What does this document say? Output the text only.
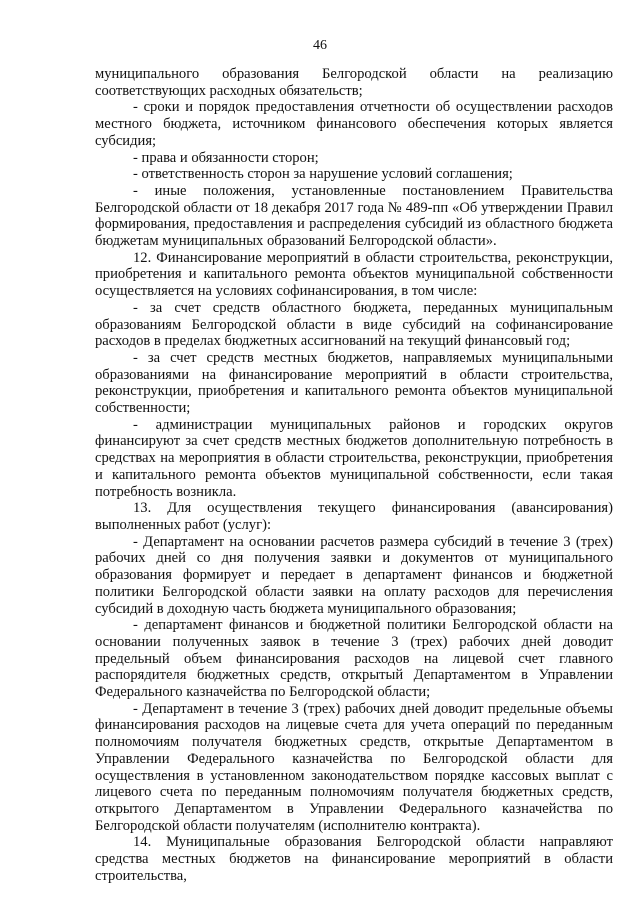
46

муниципального образования Белгородской области на реализацию соответствующих расходных обязательств;

- сроки и порядок предоставления отчетности об осуществлении расходов местного бюджета, источником финансового обеспечения которых является субсидия;

- права и обязанности сторон;

- ответственность сторон за нарушение условий соглашения;

- иные положения, установленные постановлением Правительства Белгородской области от 18 декабря 2017 года № 489-пп «Об утверждении Правил формирования, предоставления и распределения субсидий из областного бюджета бюджетам муниципальных образований Белгородской области».

12. Финансирование мероприятий в области строительства, реконструкции, приобретения и капитального ремонта объектов муниципальной собственности осуществляется на условиях софинансирования, в том числе:

- за счет средств областного бюджета, переданных муниципальным образованиям Белгородской области в виде субсидий на софинансирование расходов в пределах бюджетных ассигнований на текущий финансовый год;

- за счет средств местных бюджетов, направляемых муниципальными образованиями на финансирование мероприятий в области строительства, реконструкции, приобретения и капитального ремонта объектов муниципальной собственности;

- администрации муниципальных районов и городских округов финансируют за счет средств местных бюджетов дополнительную потребность в средствах на мероприятия в области строительства, реконструкции, приобретения и капитального ремонта объектов муниципальной собственности, если такая потребность возникла.

13. Для осуществления текущего финансирования (авансирования) выполненных работ (услуг):

- Департамент на основании расчетов размера субсидий в течение 3 (трех) рабочих дней со дня получения заявки и документов от муниципального образования формирует и передает в департамент финансов и бюджетной политики Белгородской области заявки на оплату расходов для перечисления субсидий в доходную часть бюджета муниципального образования;

- департамент финансов и бюджетной политики Белгородской области на основании полученных заявок в течение 3 (трех) рабочих дней доводит предельный объем финансирования расходов на лицевой счет главного распорядителя бюджетных средств, открытый Департаментом в Управлении Федерального казначейства по Белгородской области;

- Департамент в течение 3 (трех) рабочих дней доводит предельные объемы финансирования расходов на лицевые счета для учета операций по переданным полномочиям получателя бюджетных средств, открытые Департаментом в Управлении Федерального казначейства по Белгородской области для осуществления в установленном законодательством порядке кассовых выплат с лицевого счета по переданным полномочиям получателя бюджетных средств, открытого Департаментом в Управлении Федерального казначейства по Белгородской области получателям (исполнителю контракта).

14. Муниципальные образования Белгородской области направляют средства местных бюджетов на финансирование мероприятий в области строительства,
